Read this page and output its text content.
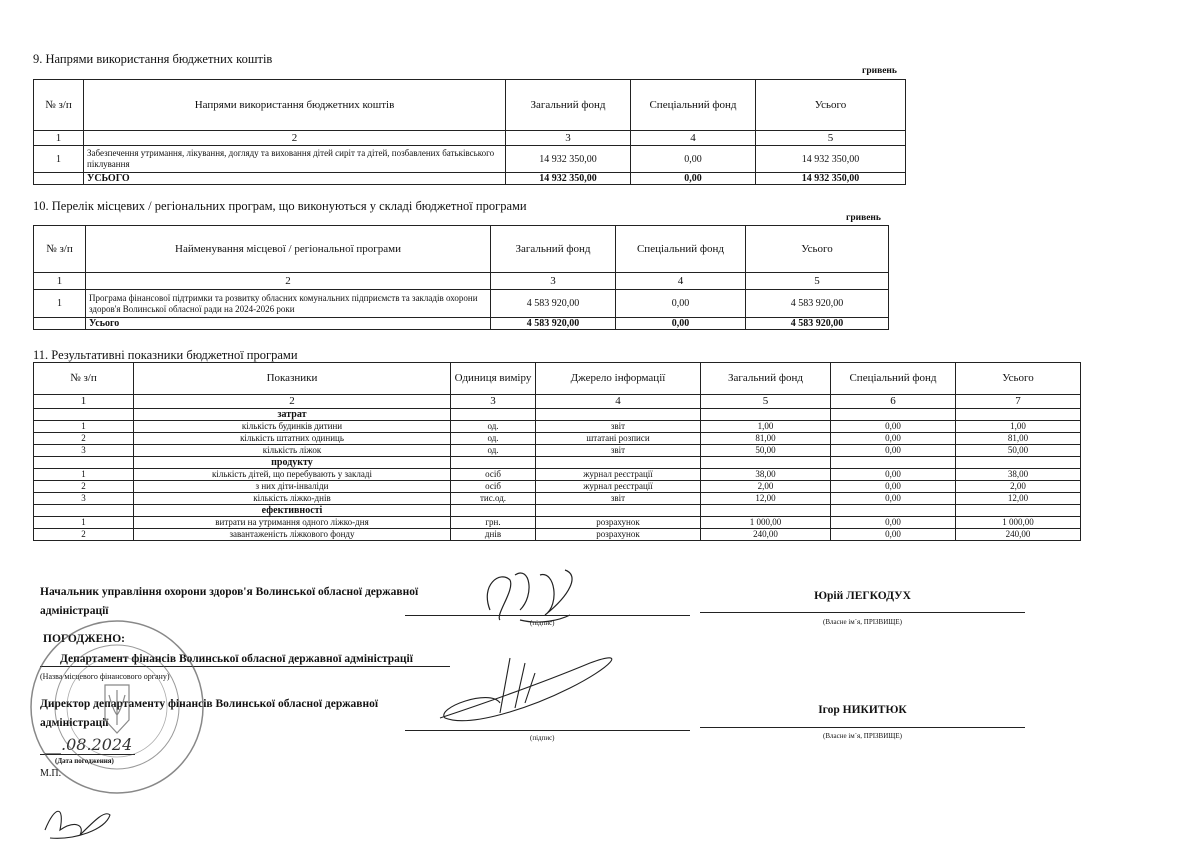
9. Напрями використання бюджетних коштів
гривень
№ з/п	Напрями використання бюджетних коштів	Загальний фонд	Спеціальний фонд	Усього
1	2	3	4	5
1	Забезпечення утримання, лікування, догляду та виховання дітей сиріт та дітей, позбавлених батьківського піклування	14 932 350,00	0,00	14 932 350,00
	УСЬОГО	14 932 350,00	0,00	14 932 350,00
10. Перелік місцевих / регіональних програм, що виконуються у складі бюджетної програми
гривень
№ з/п	Найменування місцевої / регіональної програми	Загальний фонд	Спеціальний фонд	Усього
1	2	3	4	5
1	Програма фінансової підтримки та розвитку обласних комунальних підприємств та закладів охорони здоров'я Волинської обласної ради на 2024-2026 роки	4 583 920,00	0,00	4 583 920,00
	Усього	4 583 920,00	0,00	4 583 920,00
11. Результативні показники бюджетної програми
№ з/п	Показники	Одиниця виміру	Джерело інформації	Загальний фонд	Спеціальний фонд	Усього
1	2	3	4	5	6	7
	затрат					
1	кількість будинків дитини	од.	звіт	1,00	0,00	1,00
2	кількість штатних одиниць	од.	штатані розписи	81,00	0,00	81,00
3	кількість ліжок	од.	звіт	50,00	0,00	50,00
	продукту					
1	кількість дітей, що перебувають у закладі	осіб	журнал реєстрації	38,00	0,00	38,00
2	з них діти-інваліди	осіб	журнал реєстрації	2,00	0,00	2,00
3	кількість ліжко-днів	тис.од.	звіт	12,00	0,00	12,00
	ефективності					
1	витрати на утримання одного ліжко-дня	грн.	розрахунок	1 000,00	0,00	1 000,00
2	завантаженість ліжкового фонду	днів	розрахунок	240,00	0,00	240,00
Начальник управління охорони здоров'я Волинської обласної державної адміністрації
(підпис)
Юрій ЛЕГКОДУХ
(Власне ім`я, ПРІЗВИЩЕ)
ПОГОДЖЕНО:
Департамент фінансів Волинської обласної державної адміністрації
(Назва місцевого фінансового органу)
Директор департаменту фінансів Волинської обласної державної адміністрації
(підпис)
Ігор НИКИТЮК
(Власне ім`я, ПРІЗВИЩЕ)
__.08.2024
(Дата погодження)
М.П.
